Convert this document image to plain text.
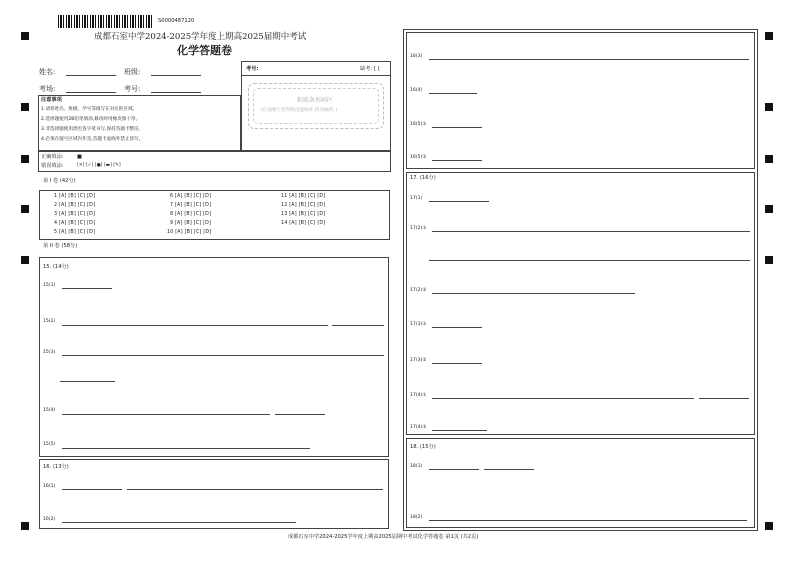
S0000487120
成都石室中学2024-2025学年度上期高2025届期中考试
化学答题卷
姓名:	班级:
考场:	考号:
考号:	缺考: [ ]
粘贴条形码区
(正面朝上切勿贴出虚线外,切勿倾斜。)
注意事项
1.请将姓名、班级、学号等填写在对应的区域。
2.选择题使用2B铅笔填涂,修改时用橡皮擦干净。
3.非选择题使用黑色签字笔书写,保持答题卡整洁。
4.必须在题号区域内作答,答题卡虚线外禁止涂写。
正确填涂:	■
错误填涂:	[✕] [✓] [●] [▬] [✎]
第 I 卷 (42分)
1 [A] [B] [C] [D]
2 [A] [B] [C] [D]
3 [A] [B] [C] [D]
4 [A] [B] [C] [D]
5 [A] [B] [C] [D]
6 [A] [B] [C] [D]
7 [A] [B] [C] [D]
8 [A] [B] [C] [D]
9 [A] [B] [C] [D]
10 [A] [B] [C] [D]
11 [A] [B] [C] [D]
12 [A] [B] [C] [D]
13 [A] [B] [C] [D]
14 [A] [B] [C] [D]
第 II 卷 (58分)
15. (14分)
15(1)
15(2)
15(3)
15(4)
15(5)
16. (13分)
16(1)
16(2)
16(3)
16(4)
16(5)①
16(5)②
17. (16分)
17(1)
17(2)①
17(2)②
17(3)①
17(3)②
17(4)①
17(4)②
18. (15分)
18(1)
18(2)
成都石室中学2024-2025学年度上期高2025届期中考试化学答题卷 第1页 (共2页)
